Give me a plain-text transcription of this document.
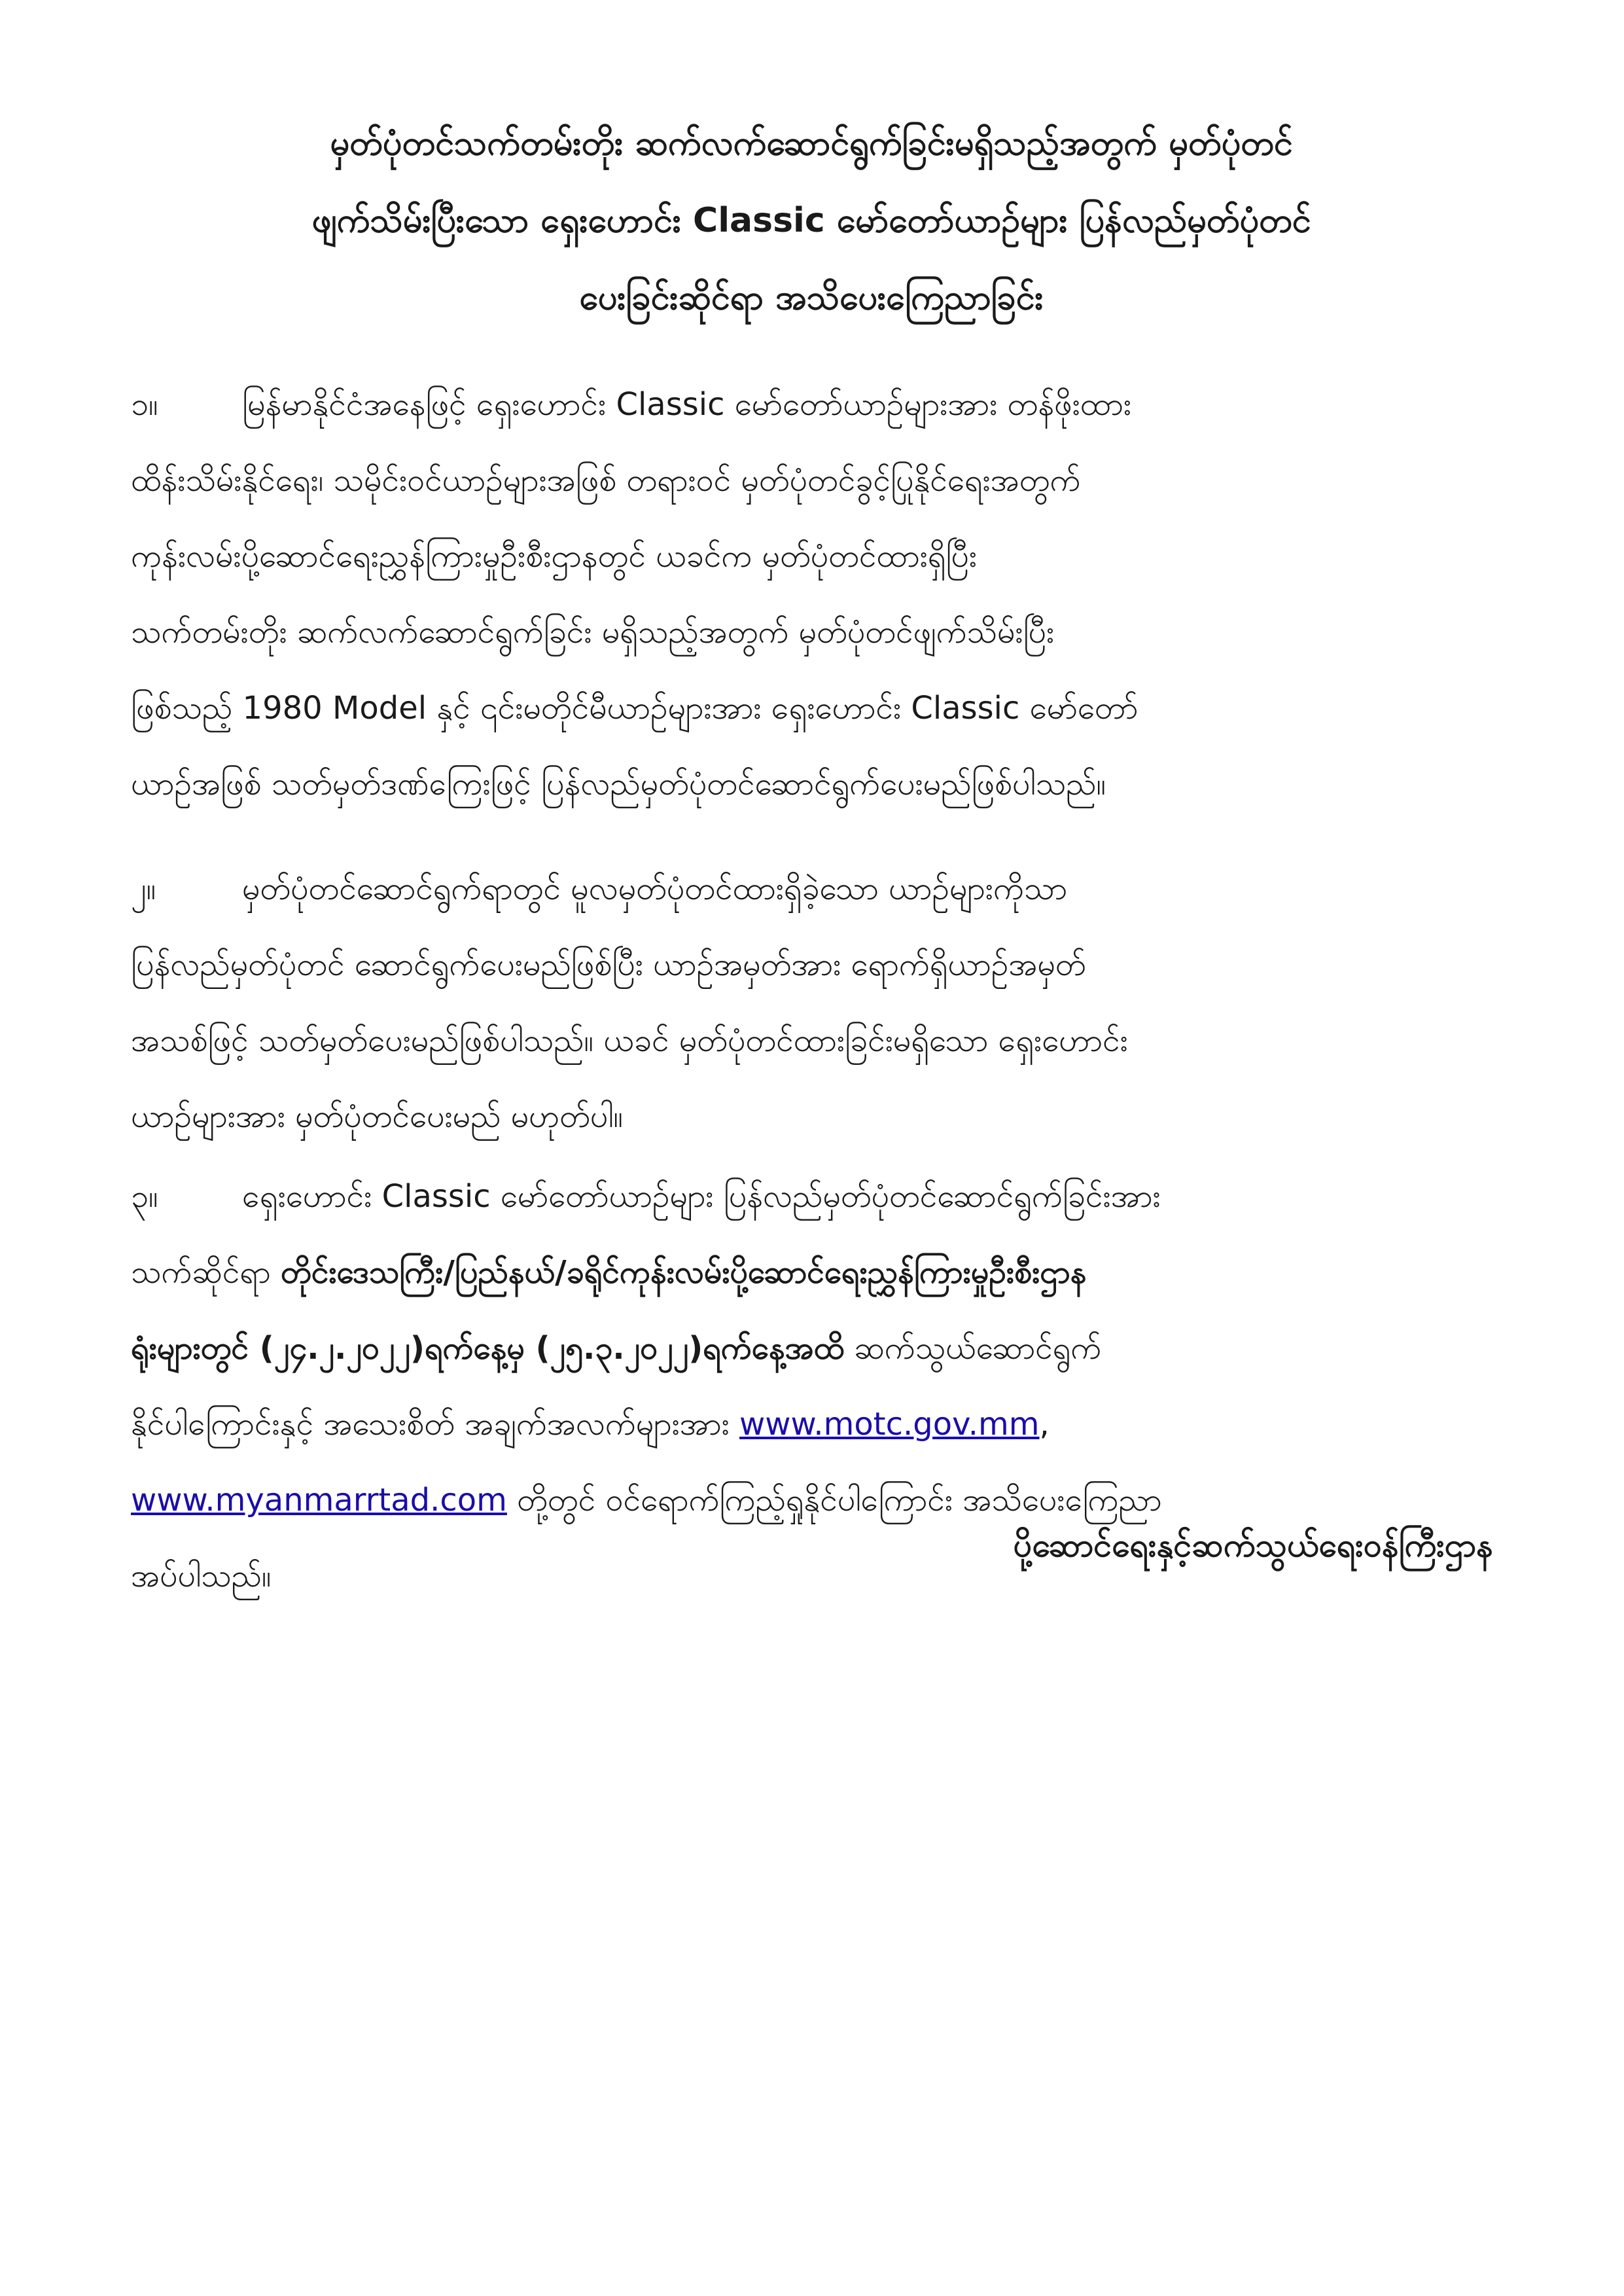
မှတ်ပုံတင်သက်တမ်းတိုး ဆက်လက်ဆောင်ရွက်ခြင်းမရှိသည့်အတွက် မှတ်ပုံတင်
ဖျက်သိမ်းပြီးသော ရှေးဟောင်း Classic မော်တော်ယာဉ်များ ပြန်လည်မှတ်ပုံတင်
ပေးခြင်းဆိုင်ရာ အသိပေးကြေညာခြင်း
၁။	မြန်မာနိုင်ငံအနေဖြင့် ရှေးဟောင်း Classic မော်တော်ယာဉ်များအား တန်ဖိုးထား
ထိန်းသိမ်းနိုင်ရေး၊ သမိုင်းဝင်ယာဉ်များအဖြစ် တရားဝင် မှတ်ပုံတင်ခွင့်ပြုနိုင်ရေးအတွက်
ကုန်းလမ်းပို့ဆောင်ရေးညွှန်ကြားမှုဦးစီးဌာနတွင် ယခင်က မှတ်ပုံတင်ထားရှိပြီး
သက်တမ်းတိုး ဆက်လက်ဆောင်ရွက်ခြင်း မရှိသည့်အတွက် မှတ်ပုံတင်ဖျက်သိမ်းပြီး
ဖြစ်သည့် 1980 Model နှင့် ၎င်းမတိုင်မီယာဉ်များအား ရှေးဟောင်း Classic မော်တော်
ယာဉ်အဖြစ် သတ်မှတ်ဒဏ်ကြေးဖြင့် ပြန်လည်မှတ်ပုံတင်ဆောင်ရွက်ပေးမည်ဖြစ်ပါသည်။
၂။	မှတ်ပုံတင်ဆောင်ရွက်ရာတွင် မူလမှတ်ပုံတင်ထားရှိခဲ့သော ယာဉ်များကိုသာ
ပြန်လည်မှတ်ပုံတင် ဆောင်ရွက်ပေးမည်ဖြစ်ပြီး ယာဉ်အမှတ်အား ရောက်ရှိယာဉ်အမှတ်
အသစ်ဖြင့် သတ်မှတ်ပေးမည်ဖြစ်ပါသည်။ ယခင် မှတ်ပုံတင်ထားခြင်းမရှိသော ရှေးဟောင်း
ယာဉ်များအား မှတ်ပုံတင်ပေးမည် မဟုတ်ပါ။
၃။	ရှေးဟောင်း Classic မော်တော်ယာဉ်များ ပြန်လည်မှတ်ပုံတင်ဆောင်ရွက်ခြင်းအား
သက်ဆိုင်ရာ တိုင်းဒေသကြီး/ပြည်နယ်/ခရိုင်ကုန်းလမ်းပို့ဆောင်ရေးညွှန်ကြားမှုဦးစီးဌာန
ရုံးများတွင် (၂၄.၂.၂၀၂၂)ရက်နေ့မှ (၂၅.၃.၂၀၂၂)ရက်နေ့အထိ ဆက်သွယ်ဆောင်ရွက်
နိုင်ပါကြောင်းနှင့် အသေးစိတ် အချက်အလက်များအား www.motc.gov.mm,
www.myanmarrtad.com တို့တွင် ဝင်ရောက်ကြည့်ရှုနိုင်ပါကြောင်း အသိပေးကြေညာ
အပ်ပါသည်။
ပို့ဆောင်ရေးနှင့်ဆက်သွယ်ရေးဝန်ကြီးဌာန
